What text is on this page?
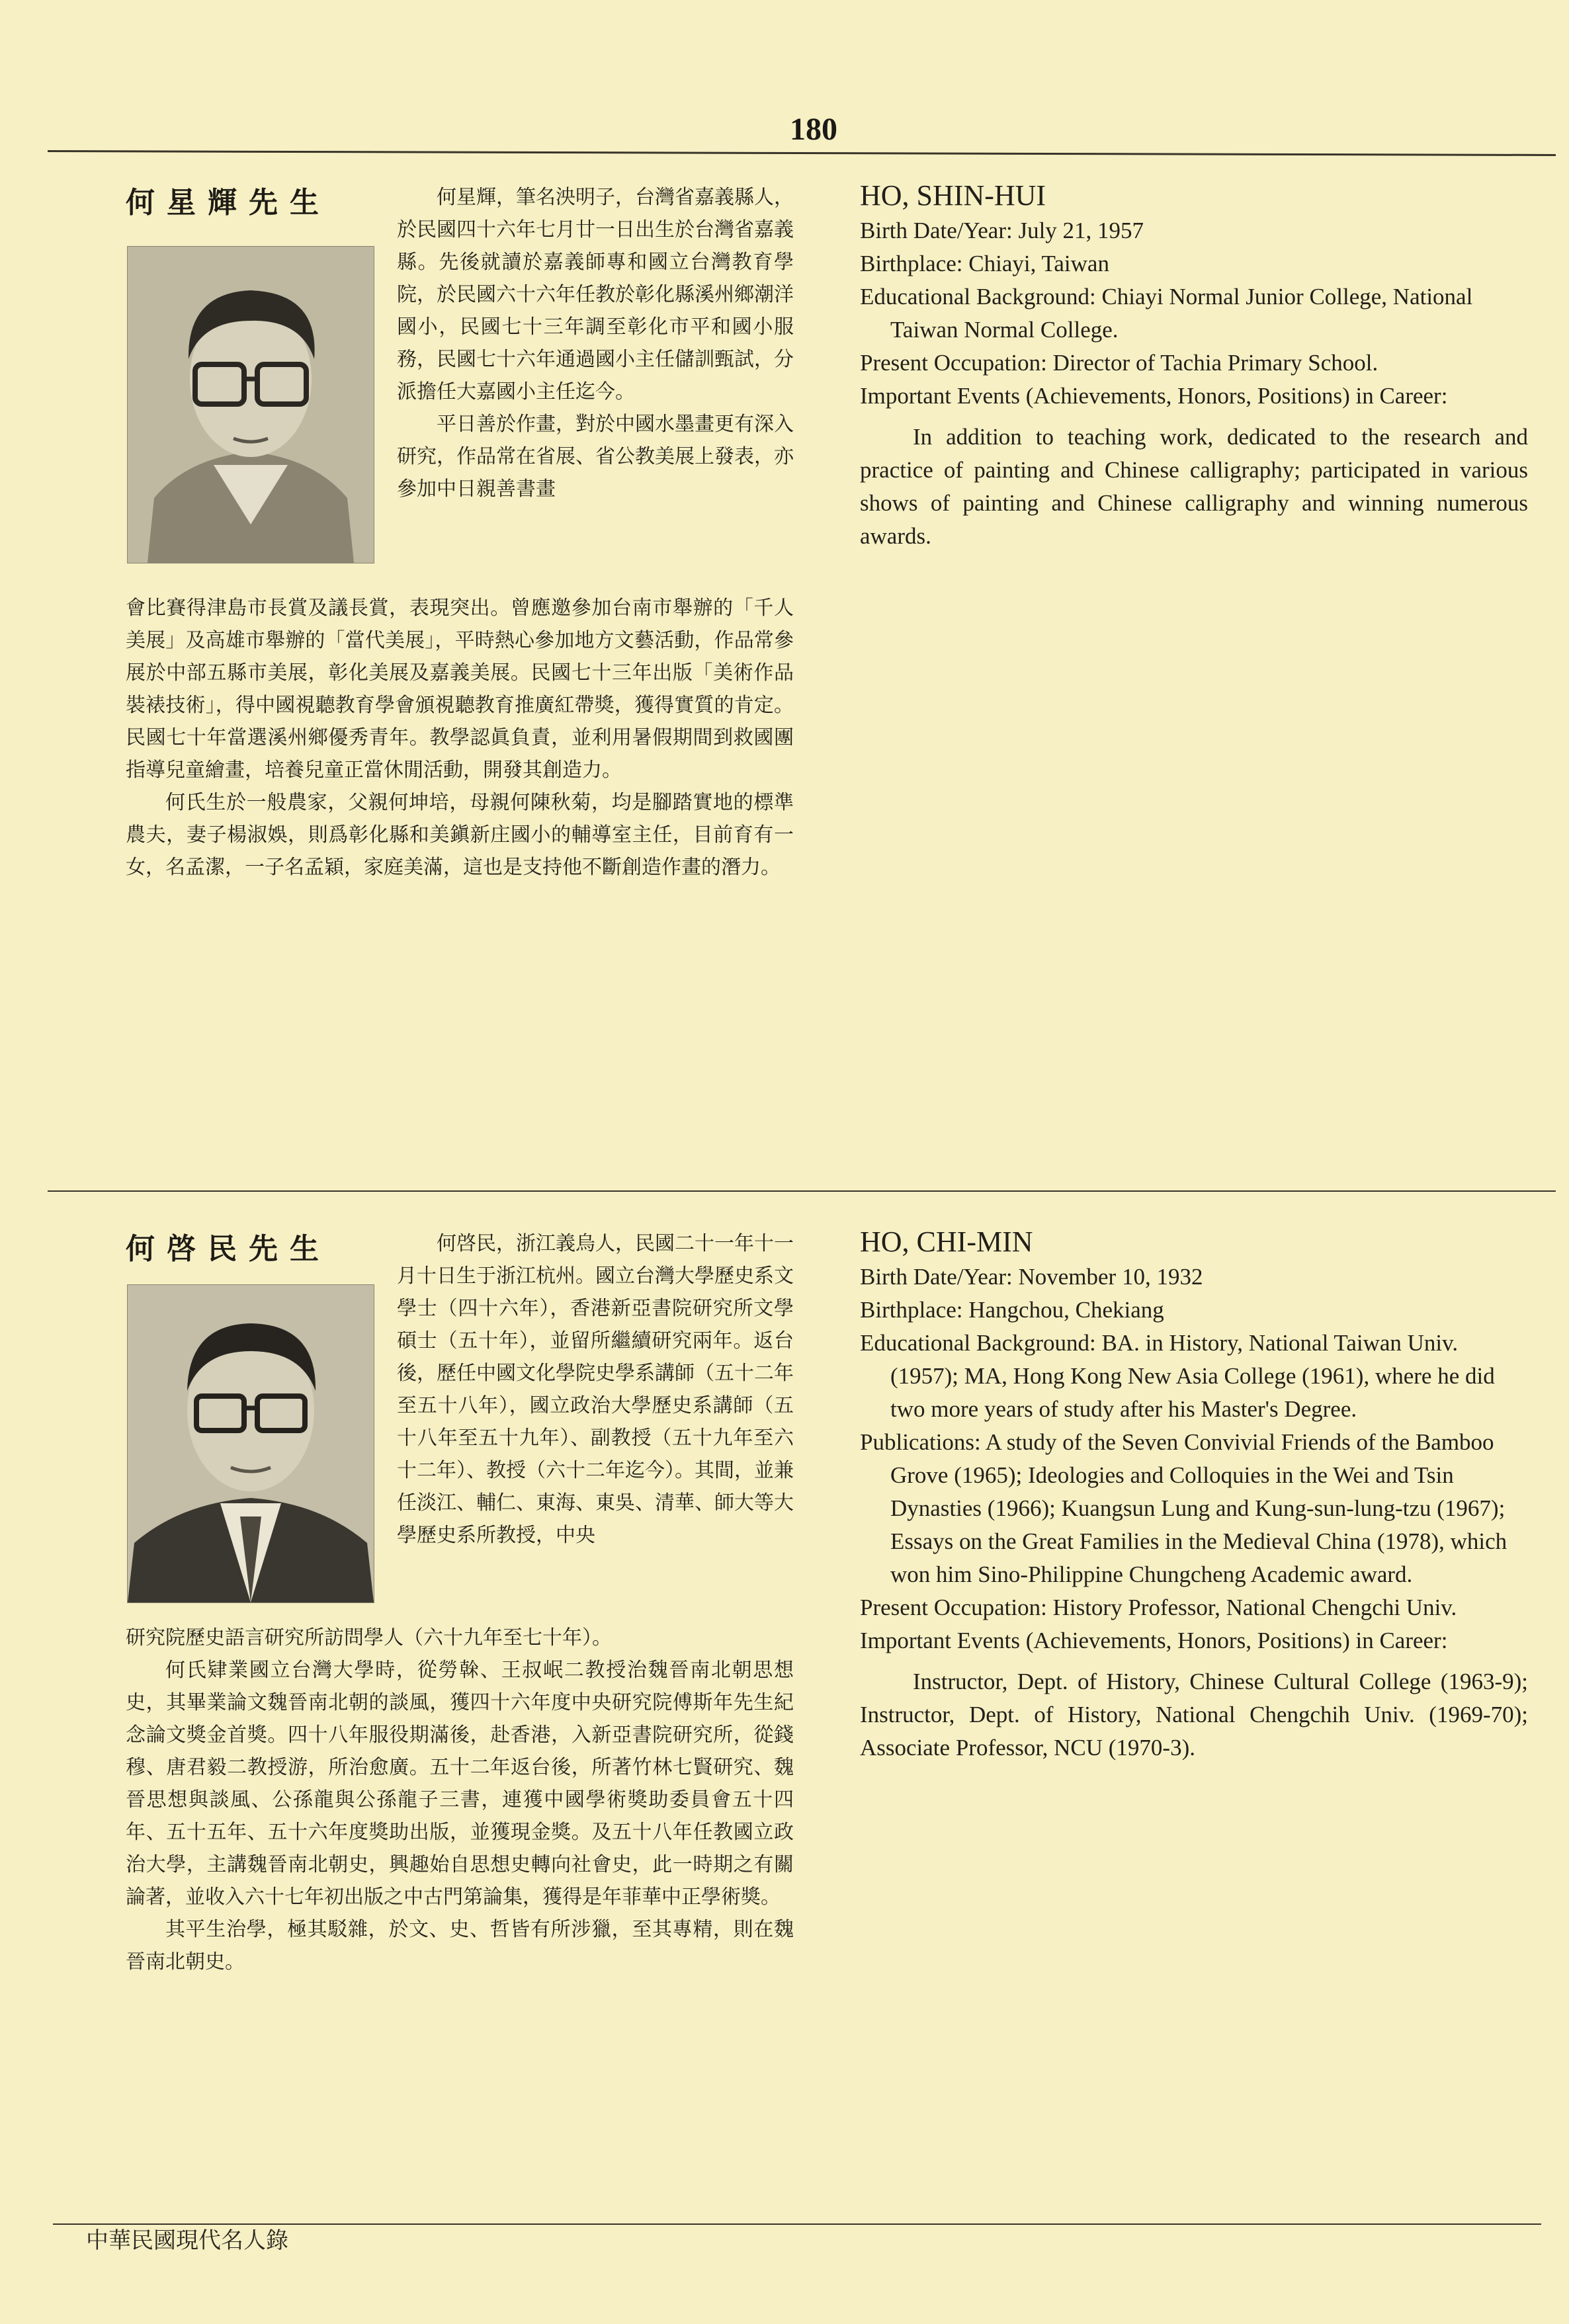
180
何星輝先生	何星輝，筆名泱明子，台灣省嘉義縣人，於民國四十六年七月廿一日出生於台灣省嘉義縣。先後就讀於嘉義師專和國立台灣教育學院，於民國六十六年任教於彰化縣溪州鄉潮洋國小，民國七十三年調至彰化市平和國小服務，民國七十六年通過國小主任儲訓甄試，分派擔任大嘉國小主任迄今。

平日善於作畫，對於中國水墨畫更有深入研究，作品常在省展、省公教美展上發表，亦參加中日親善書畫

會比賽得津島市長賞及議長賞，表現突出。曾應邀參加台南市舉辦的「千人美展」及高雄市舉辦的「當代美展」，平時熱心參加地方文藝活動，作品常參展於中部五縣市美展，彰化美展及嘉義美展。民國七十三年出版「美術作品裝裱技術」，得中國視聽教育學會頒視聽教育推廣紅帶獎，獲得實質的肯定。民國七十年當選溪州鄉優秀青年。教學認眞負責，並利用暑假期間到救國團指導兒童繪畫，培養兒童正當休閒活動，開發其創造力。

何氏生於一般農家，父親何坤培，母親何陳秋菊，均是腳踏實地的標準農夫，妻子楊淑娛，則爲彰化縣和美鎭新庄國小的輔導室主任，目前育有一女，名孟潔，一子名孟穎，家庭美滿，這也是支持他不斷創造作畫的潛力。

HO, SHIN-HUI

Birth Date/Year: July 21, 1957

Birthplace: Chiayi, Taiwan

Educational Background: Chiayi Normal Junior College, National Taiwan Normal College.

Present Occupation: Director of Tachia Primary School.

Important Events (Achievements, Honors, Positions) in Career:

In addition to teaching work, dedicated to the research and practice of painting and Chinese calligraphy; participated in various shows of painting and Chinese calligraphy and winning numerous awards.

何啓民先生	何啓民，浙江義烏人，民國二十一年十一月十日生于浙江杭州。國立台灣大學歷史系文學士（四十六年），香港新亞書院研究所文學碩士（五十年），並留所繼續研究兩年。返台後，歷任中國文化學院史學系講師（五十二年至五十八年），國立政治大學歷史系講師（五十八年至五十九年）、副教授（五十九年至六十二年）、教授（六十二年迄今）。其間，並兼任淡江、輔仁、東海、東吳、清華、師大等大學歷史系所教授，中央

研究院歷史語言研究所訪問學人（六十九年至七十年）。

何氏肄業國立台灣大學時，從勞榦、王叔岷二教授治魏晉南北朝思想史，其畢業論文魏晉南北朝的談風，獲四十六年度中央研究院傅斯年先生紀念論文獎金首獎。四十八年服役期滿後，赴香港，入新亞書院研究所，從錢穆、唐君毅二教授游，所治愈廣。五十二年返台後，所著竹林七賢研究、魏晉思想與談風、公孫龍與公孫龍子三書，連獲中國學術獎助委員會五十四年、五十五年、五十六年度獎助出版，並獲現金獎。及五十八年任教國立政治大學，主講魏晉南北朝史，興趣始自思想史轉向社會史，此一時期之有關論著，並收入六十七年初出版之中古門第論集，獲得是年菲華中正學術獎。

其平生治學，極其駁雜，於文、史、哲皆有所涉獵，至其專精，則在魏晉南北朝史。

HO, CHI-MIN

Birth Date/Year: November 10, 1932

Birthplace: Hangchou, Chekiang

Educational Background: BA. in History, National Taiwan Univ. (1957); MA, Hong Kong New Asia College (1961), where he did two more years of study after his Master's Degree.

Publications: A study of the Seven Convivial Friends of the Bamboo Grove (1965); Ideologies and Colloquies in the Wei and Tsin Dynasties (1966); Kuangsun Lung and Kung-sun-lung-tzu (1967); Essays on the Great Families in the Medieval China (1978), which won him Sino-Philippine Chungcheng Academic award.

Present Occupation: History Professor, National Chengchi Univ.

Important Events (Achievements, Honors, Positions) in Career:

Instructor, Dept. of History, Chinese Cultural College (1963-9); Instructor, Dept. of History, National Chengchih Univ. (1969-70); Associate Professor, NCU (1970-3).

中華民國現代名人錄
